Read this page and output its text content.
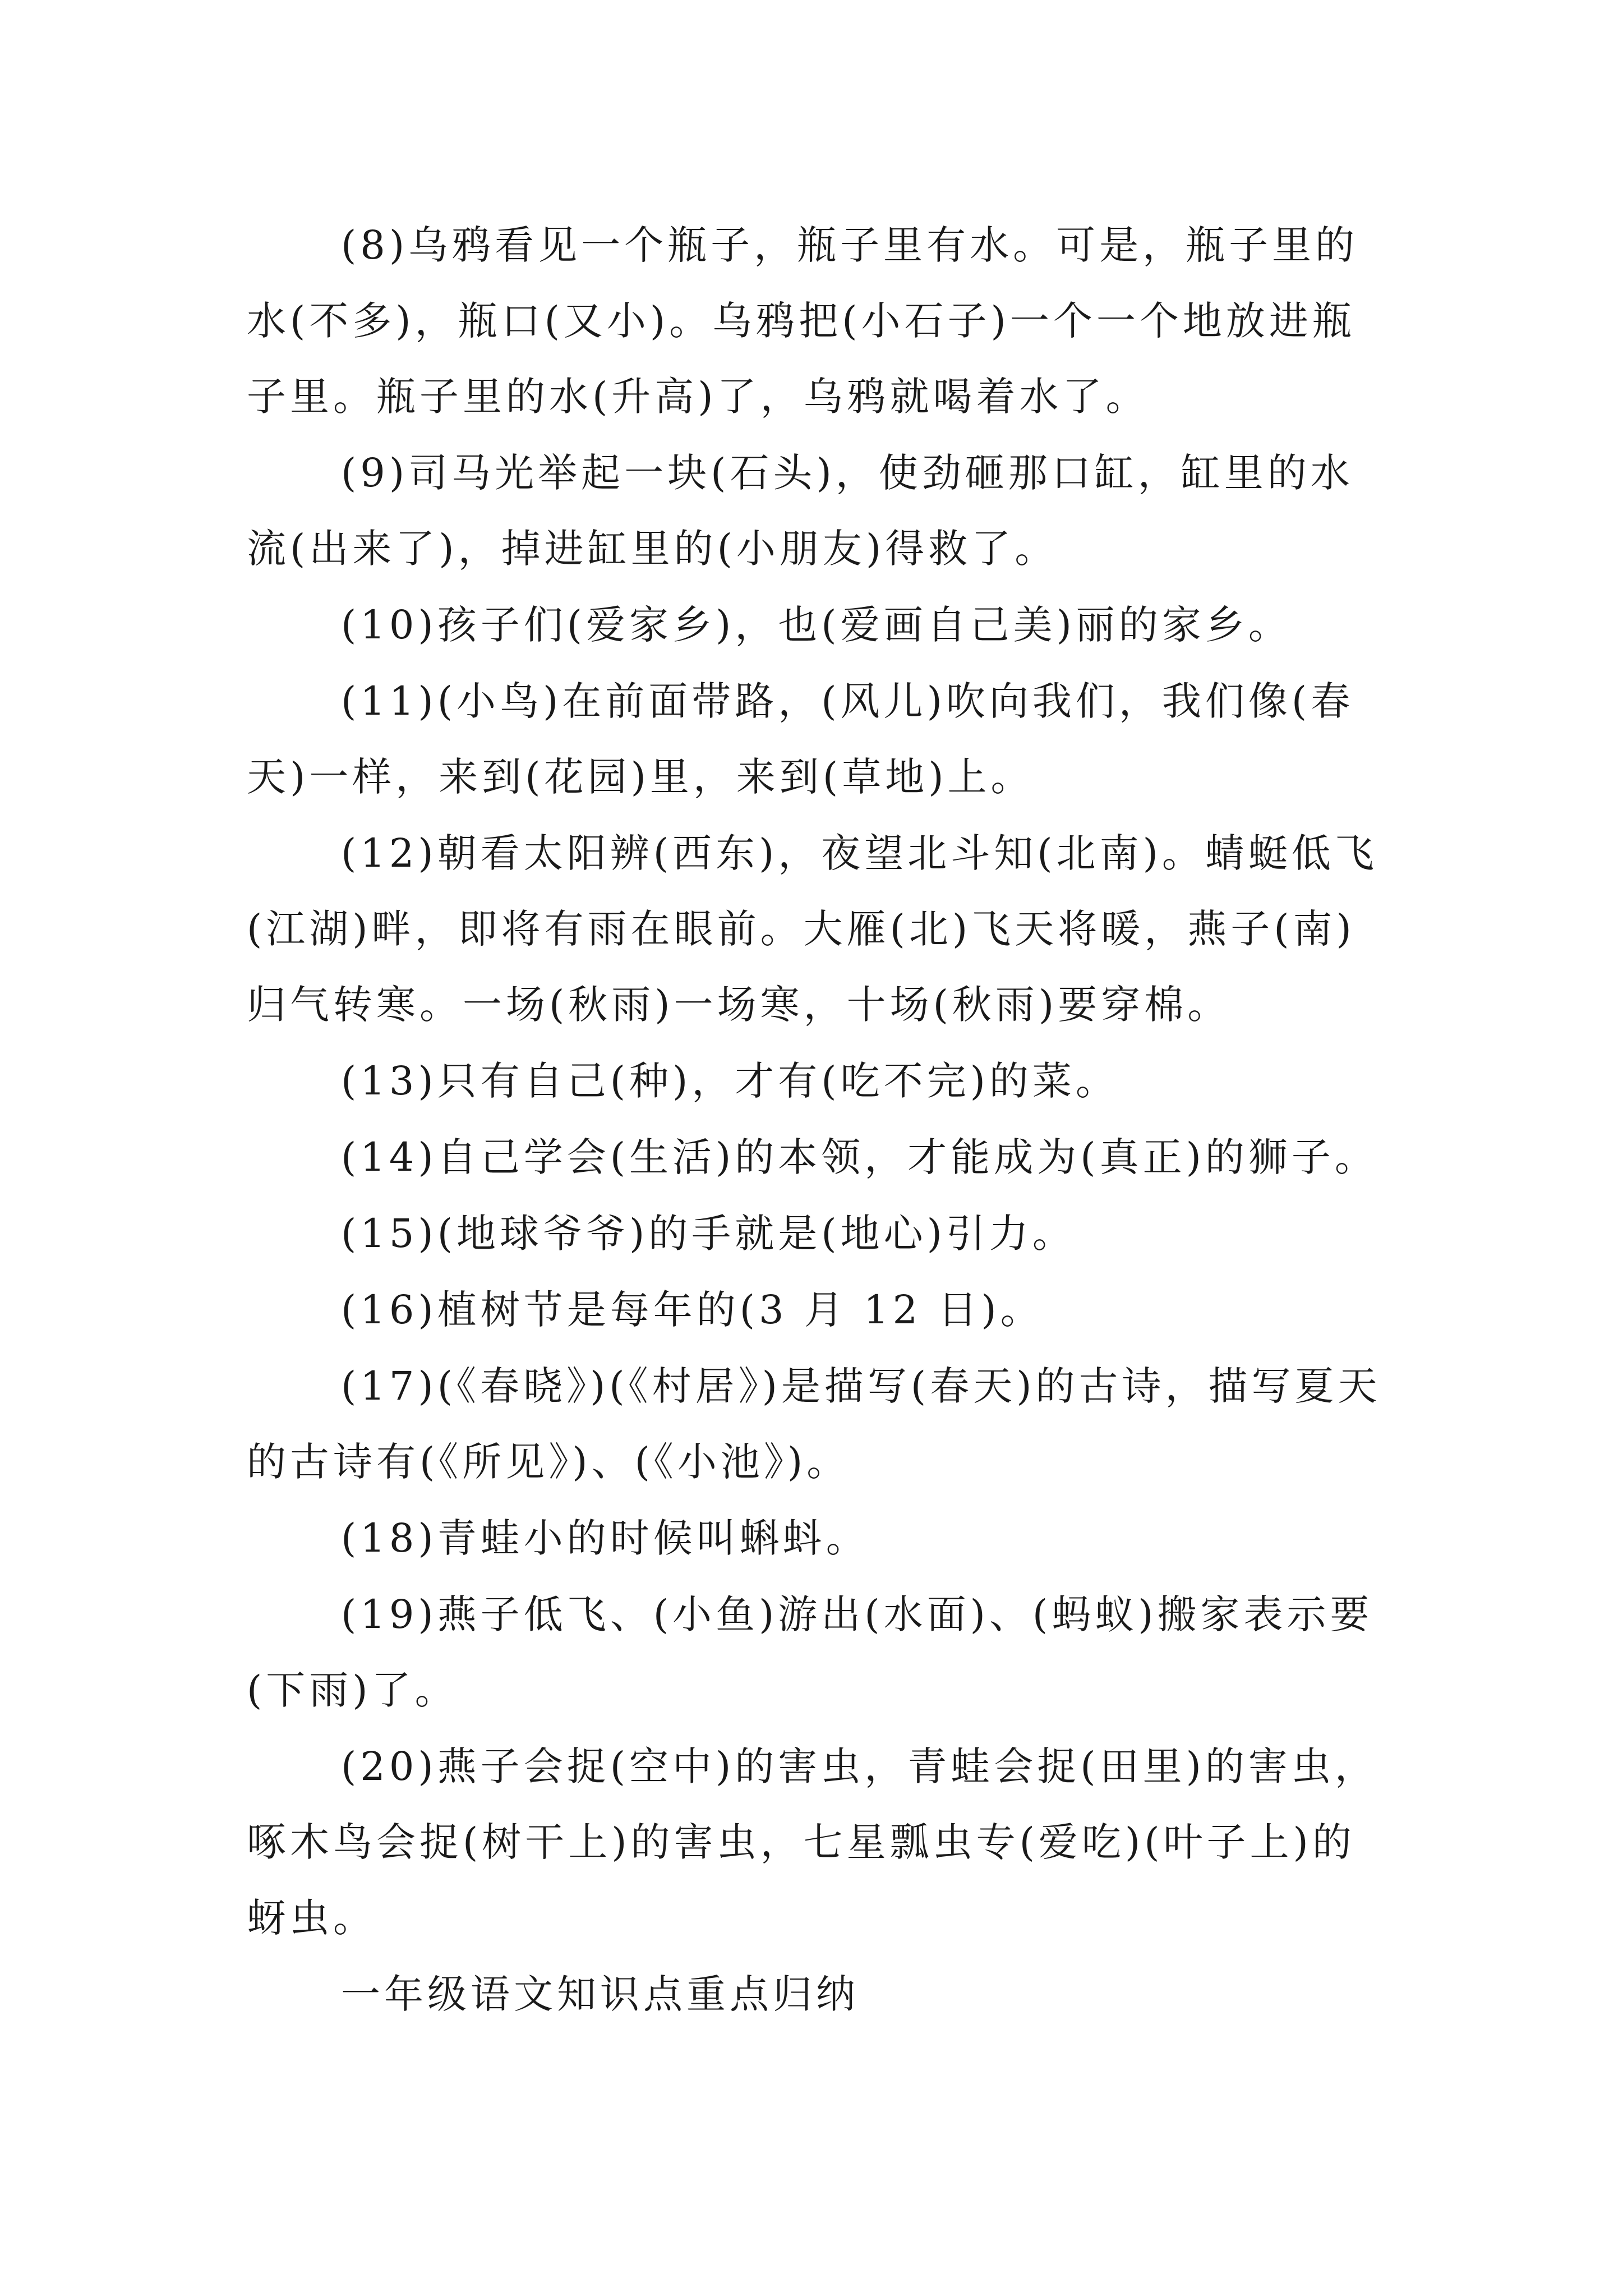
(8)乌鸦看见一个瓶子，瓶子里有水。可是，瓶子里的水(不多)，瓶口(又小)。乌鸦把(小石子)一个一个地放进瓶子里。瓶子里的水(升高)了，乌鸦就喝着水了。

(9)司马光举起一块(石头)，使劲砸那口缸，缸里的水流(出来了)，掉进缸里的(小朋友)得救了。

(10)孩子们(爱家乡)，也(爱画自己美)丽的家乡。

(11)(小鸟)在前面带路，(风儿)吹向我们，我们像(春天)一样，来到(花园)里，来到(草地)上。

(12)朝看太阳辨(西东)，夜望北斗知(北南)。蜻蜓低飞(江湖)畔，即将有雨在眼前。大雁(北)飞天将暖，燕子(南)归气转寒。一场(秋雨)一场寒，十场(秋雨)要穿棉。

(13)只有自己(种)，才有(吃不完)的菜。

(14)自己学会(生活)的本领，才能成为(真正)的狮子。

(15)(地球爷爷)的手就是(地心)引力。

(16)植树节是每年的(3 月 12 日)。

(17)(《春晓》)(《村居》)是描写(春天)的古诗，描写夏天的古诗有(《所见》)、(《小池》)。

(18)青蛙小的时候叫蝌蚪。

(19)燕子低飞、(小鱼)游出(水面)、(蚂蚁)搬家表示要(下雨)了。

(20)燕子会捉(空中)的害虫，青蛙会捉(田里)的害虫，啄木鸟会捉(树干上)的害虫，七星瓢虫专(爱吃)(叶子上)的蚜虫。

一年级语文知识点重点归纳
